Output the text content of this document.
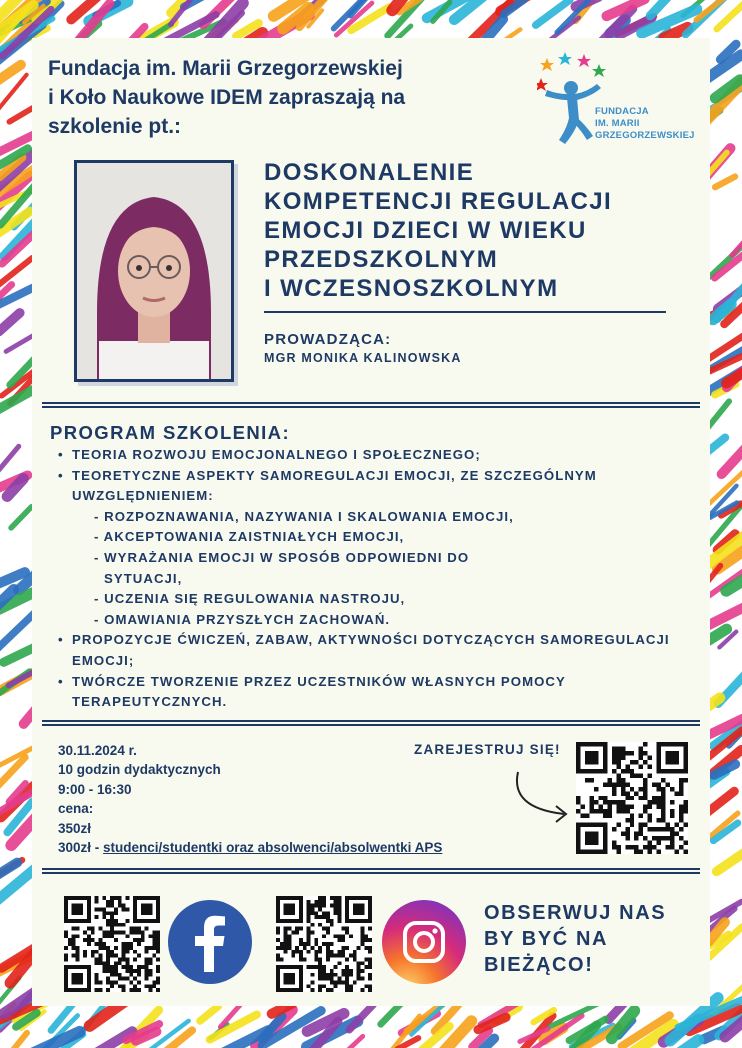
Fundacja im. Marii Grzegorzewskiej
i Koło Naukowe IDEM zapraszają na
szkolenie pt.:
FUNDACJA
IM. MARII
GRZEGORZEWSKIEJ
DOSKONALENIE
KOMPETENCJI REGULACJI
EMOCJI DZIECI W WIEKU
PRZEDSZKOLNYM
I WCZESNOSZKOLNYM
PROWADZĄCA:
MGR MONIKA KALINOWSKA
PROGRAM SZKOLENIA:
• TEORIA ROZWOJU EMOCJONALNEGO I SPOŁECZNEGO;
• TEORETYCZNE ASPEKTY SAMOREGULACJI EMOCJI, ZE SZCZEGÓLNYM UWZGLĘDNIENIEM:
- ROZPOZNAWANIA, NAZYWANIA I SKALOWANIA EMOCJI,
- AKCEPTOWANIA ZAISTNIAŁYCH EMOCJI,
- WYRAŻANIA EMOCJI W SPOSÓB ODPOWIEDNI DO
SYTUACJI,
- UCZENIA SIĘ REGULOWANIA NASTROJU,
- OMAWIANIA PRZYSZŁYCH ZACHOWAŃ.
• PROPOZYCJE ĆWICZEŃ, ZABAW, AKTYWNOŚCI DOTYCZĄCYCH SAMOREGULACJI EMOCJI;
• TWÓRCZE TWORZENIE PRZEZ UCZESTNIKÓW WŁASNYCH POMOCY TERAPEUTYCZNYCH.
30.11.2024 r.
10 godzin dydaktycznych
9:00 - 16:30
cena:
350zł
300zł - studenci/studentki oraz absolwenci/absolwentki APS
ZAREJESTRUJ SIĘ!
OBSERWUJ NAS
BY BYĆ NA
BIEŻĄCO!
